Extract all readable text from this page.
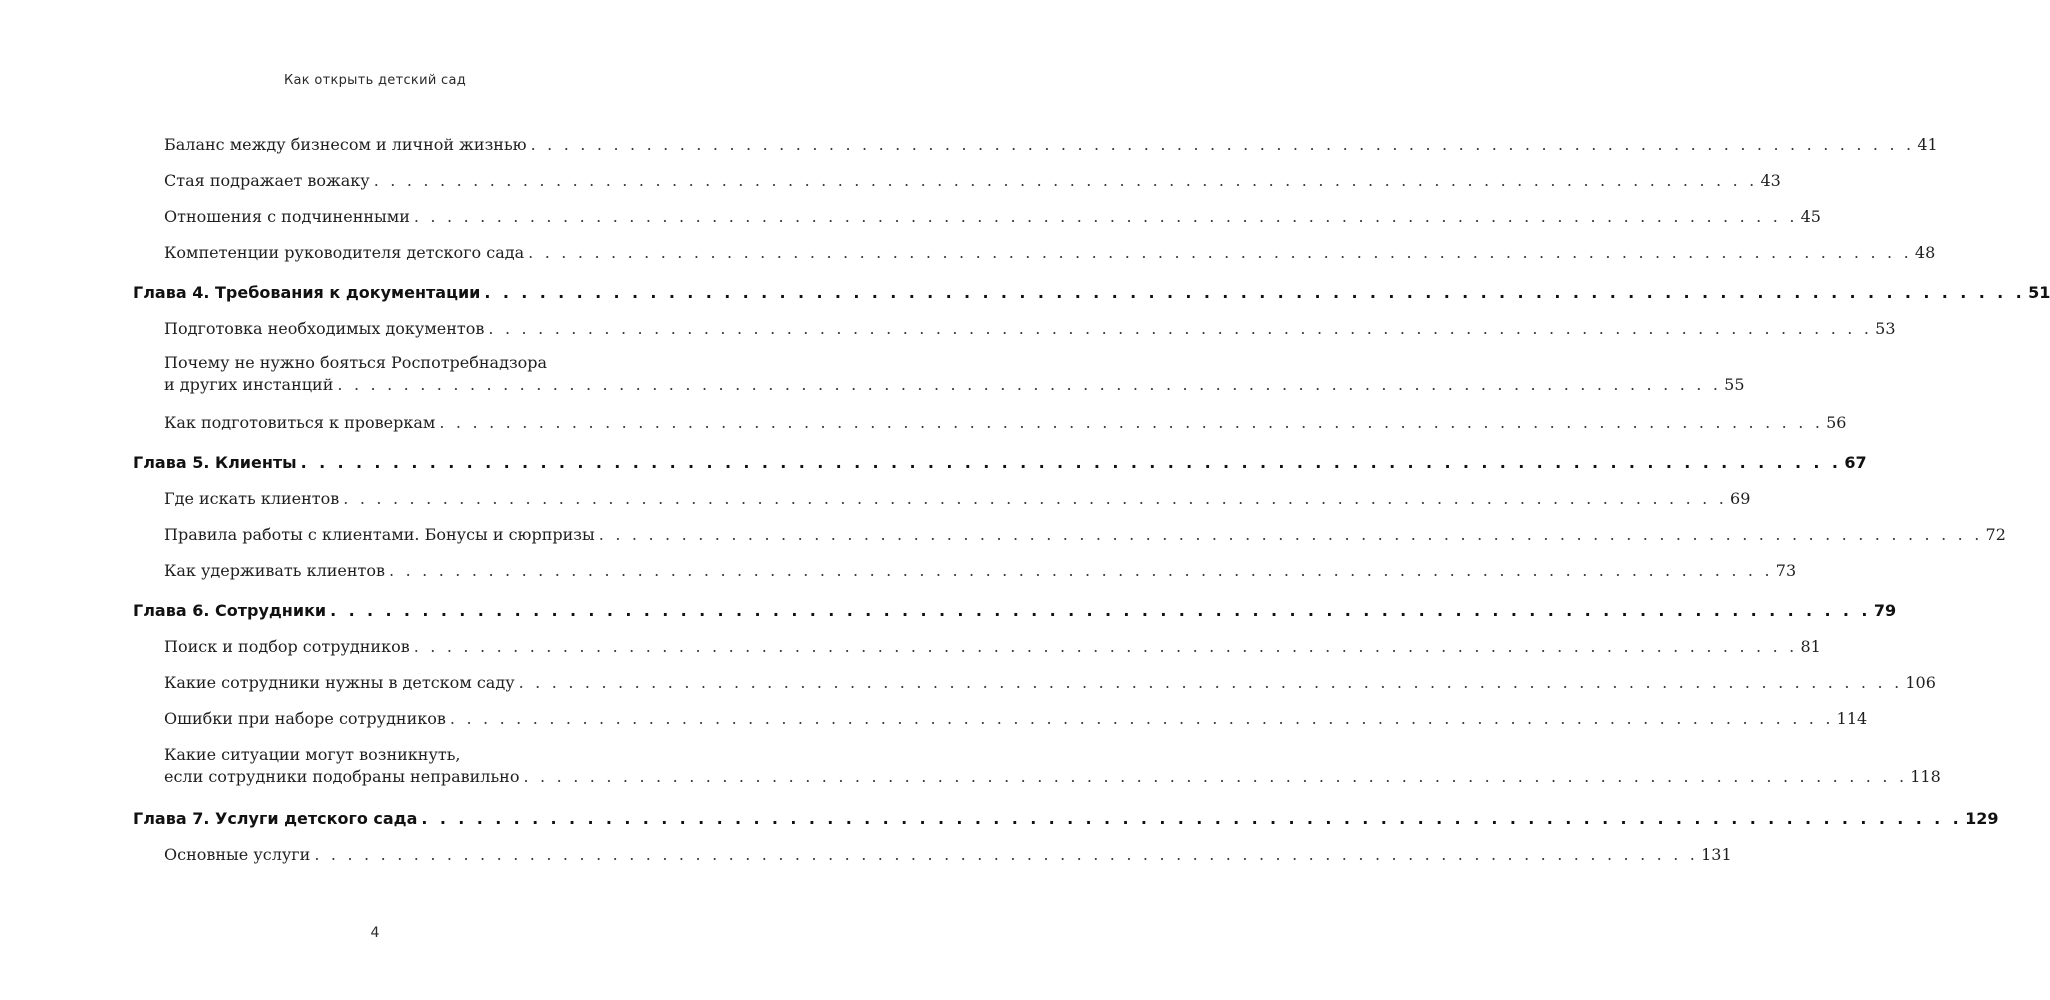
Как открыть детский сад
Баланс между бизнесом и личной жизнью . . .	41
Стая подражает вожаку . . .	43
Отношения с подчиненными . . .	45
Компетенции руководителя детского сада . . .	48
Глава 4. Требования к документации . . .	51
Подготовка необходимых документов . . .	53
Почему не нужно бояться Роспотребнадзора
и других инстанций . . .	55
Как подготовиться к проверкам . . .	56
Глава 5. Клиенты . . .	67
Где искать клиентов . . .	69
Правила работы с клиентами. Бонусы и сюрпризы . . .	72
Как удерживать клиентов . . .	73
Глава 6. Сотрудники . . .	79
Поиск и подбор сотрудников . . .	81
Какие сотрудники нужны в детском саду . . .	106
Ошибки при наборе сотрудников . . .	114
Какие ситуации могут возникнуть,
если сотрудники подобраны неправильно . . .	118
Глава 7. Услуги детского сада . . .	129
Основные услуги . . .	131
4
